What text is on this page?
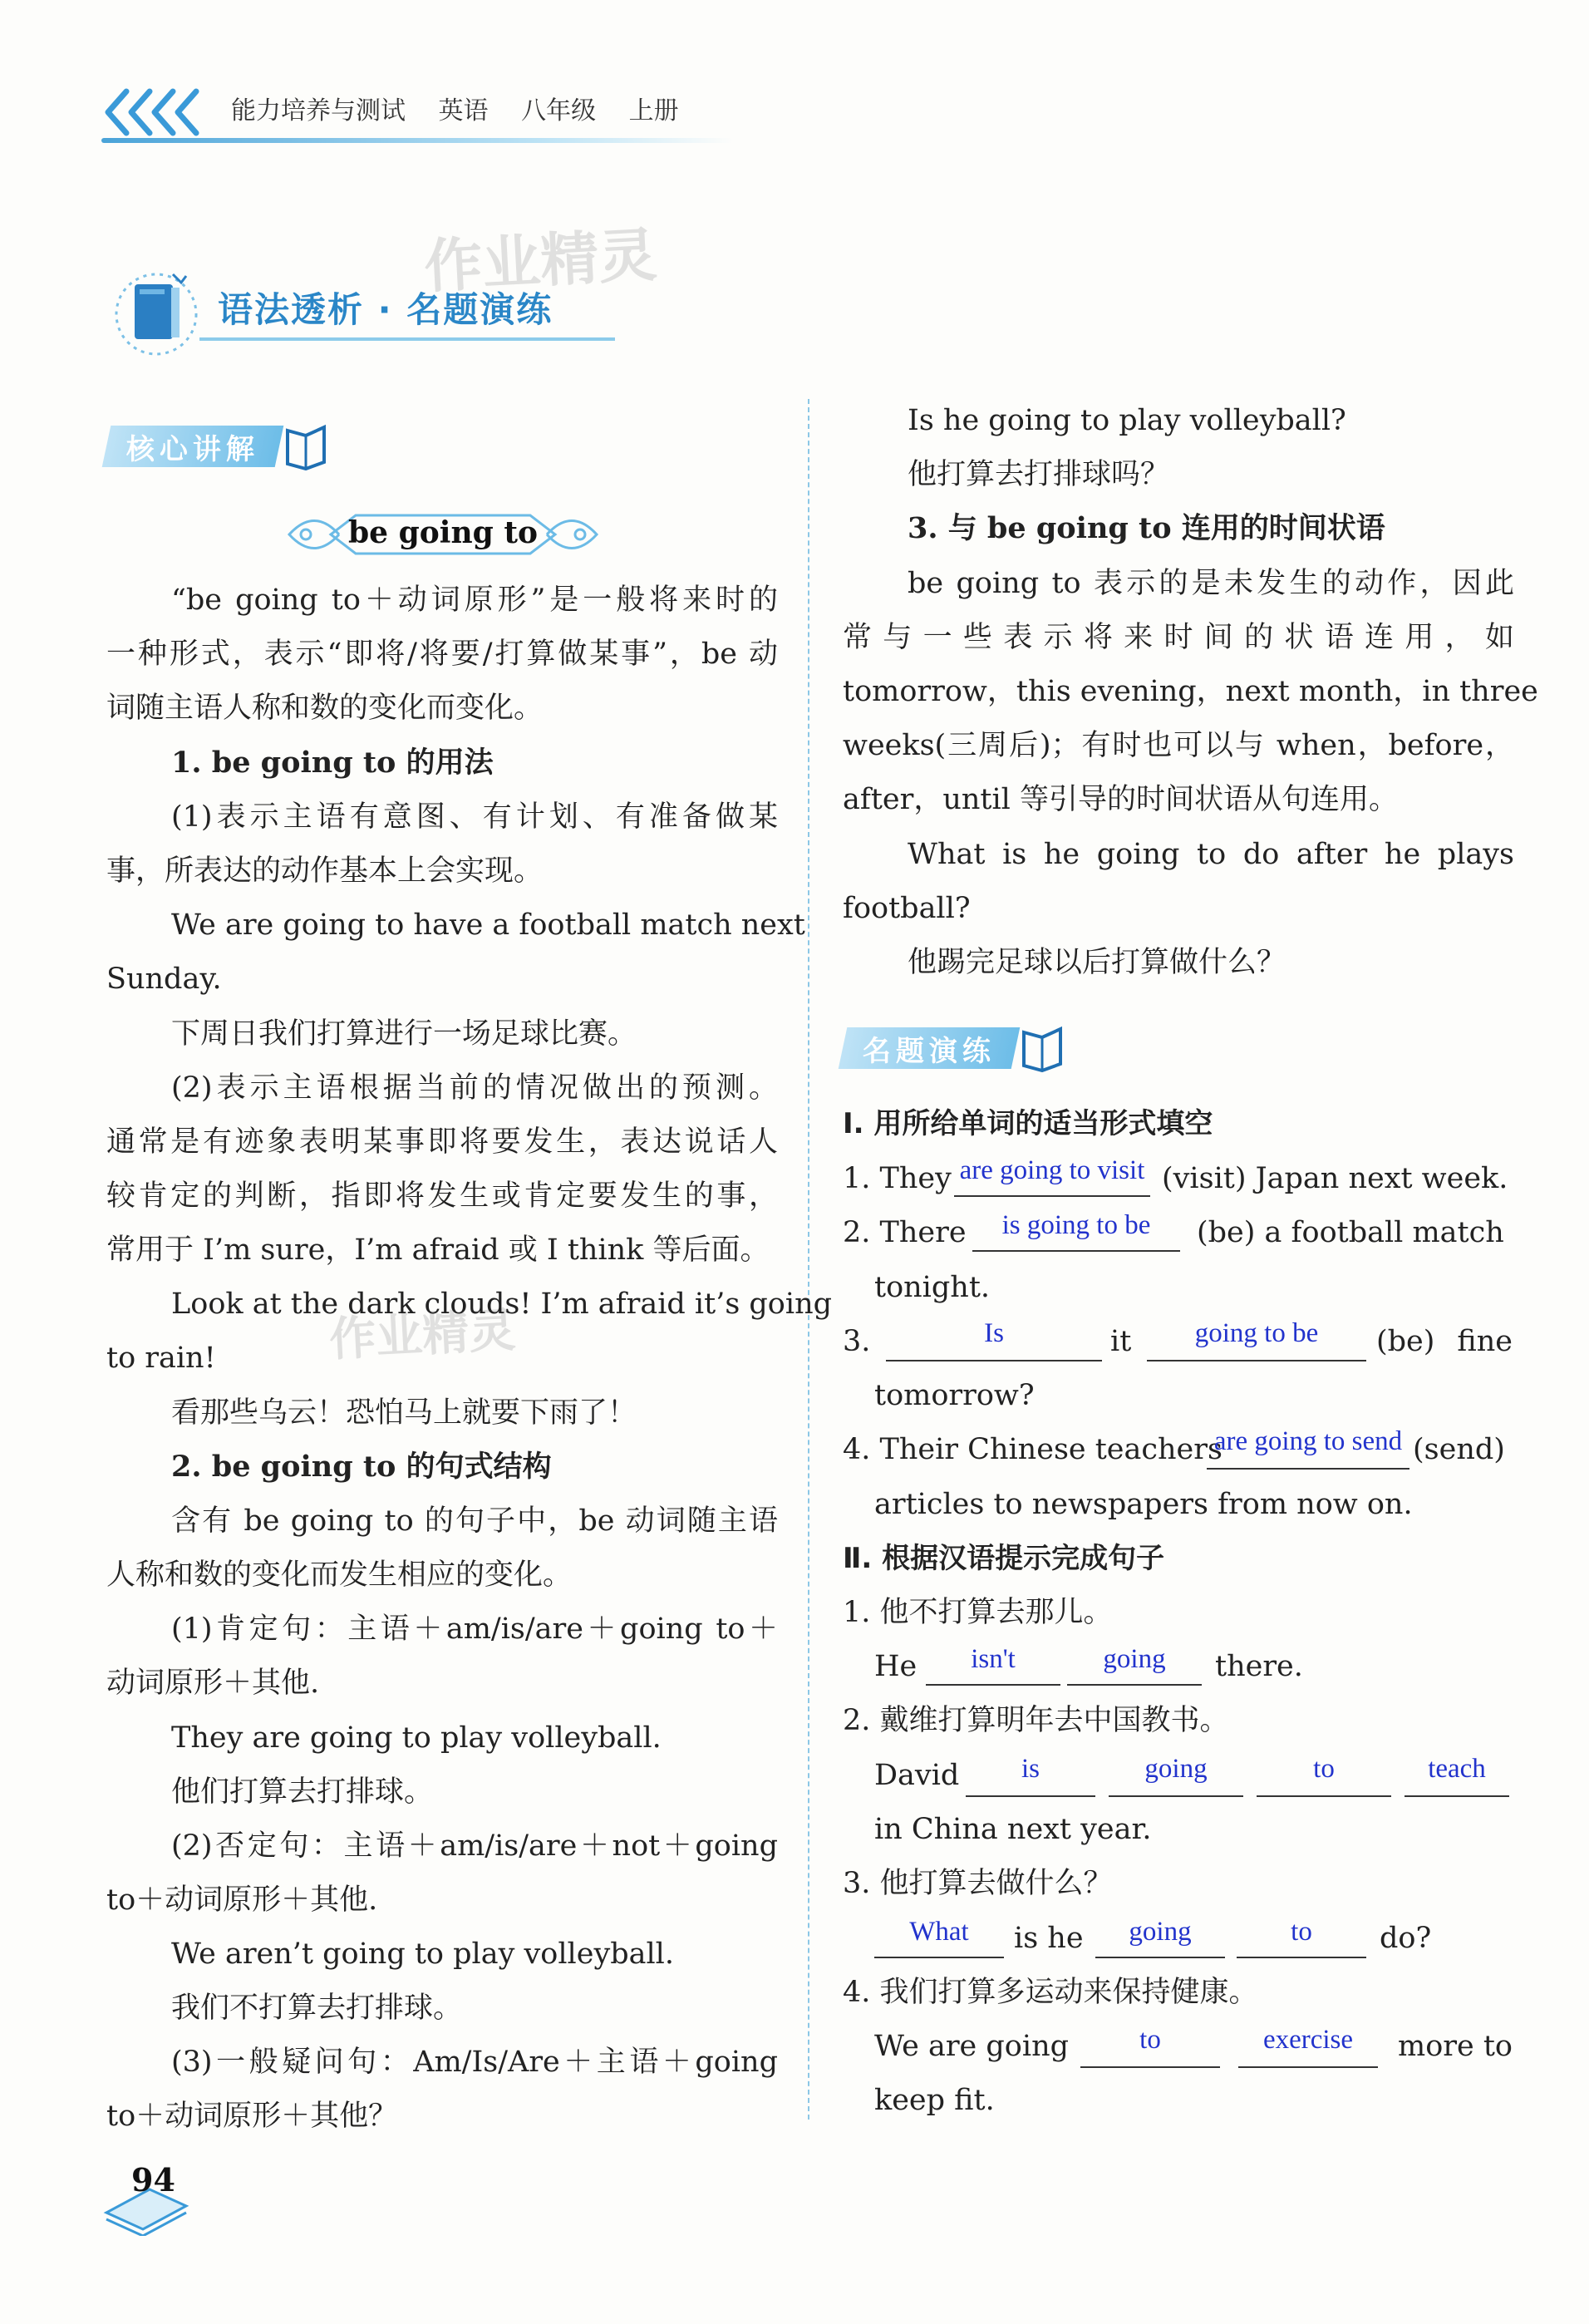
能力培养与测试 英语 八年级 上册
作业精灵
作业精灵
语法透析 · 名题演练
核心讲解
be going to
“be going to＋动词原形”是一般将来时的
一种形式，表示“即将/将要/打算做某事”，be 动
词随主语人称和数的变化而变化。
1. be going to 的用法
(1)表示主语有意图、有计划、有准备做某
事，所表达的动作基本上会实现。
We are going to have a football match next
Sunday.
下周日我们打算进行一场足球比赛。
(2)表示主语根据当前的情况做出的预测。
通常是有迹象表明某事即将要发生，表达说话人
较肯定的判断，指即将发生或肯定要发生的事，
常用于 I’m sure，I’m afraid 或 I think 等后面。
Look at the dark clouds! I’m afraid it’s going
to rain!
看那些乌云！恐怕马上就要下雨了！
2. be going to 的句式结构
含有 be going to 的句子中，be 动词随主语
人称和数的变化而发生相应的变化。
(1)肯定句：主语＋am/is/are＋going to＋
动词原形＋其他.
They are going to play volleyball.
他们打算去打排球。
(2)否定句：主语＋am/is/are＋not＋going
to＋动词原形＋其他.
We aren’t going to play volleyball.
我们不打算去打排球。
(3)一般疑问句：Am/Is/Are＋主语＋going
to＋动词原形＋其他？
Is he going to play volleyball?
他打算去打排球吗？
3. 与 be going to 连用的时间状语
be going to 表示的是未发生的动作，因此
常与一些表示将来时间的状语连用，如
tomorrow，this evening，next month，in three
weeks(三周后)；有时也可以与 when，before，
after，until 等引导的时间状语从句连用。
What is he going to do after he plays
football?
他踢完足球以后打算做什么？
名题演练
Ⅰ. 用所给单词的适当形式填空
1. They are going to visit (visit) Japan next week.
2. There	is going to be	(be) a football match
tonight.
3.	Is	it	going to be	(be) fine
tomorrow?
4. Their Chinese teachers
are going to send (send)
articles to newspapers from now on.
Ⅱ. 根据汉语提示完成句子
1. 他不打算去那儿。
He	isn't	going	there.
2. 戴维打算明年去中国教书。
David	is	going	to	teach
in China next year.
3. 他打算去做什么？
What	is he	going	to	do?
4. 我们打算多运动来保持健康。
We are going	to	exercise	more to
keep fit.
94
